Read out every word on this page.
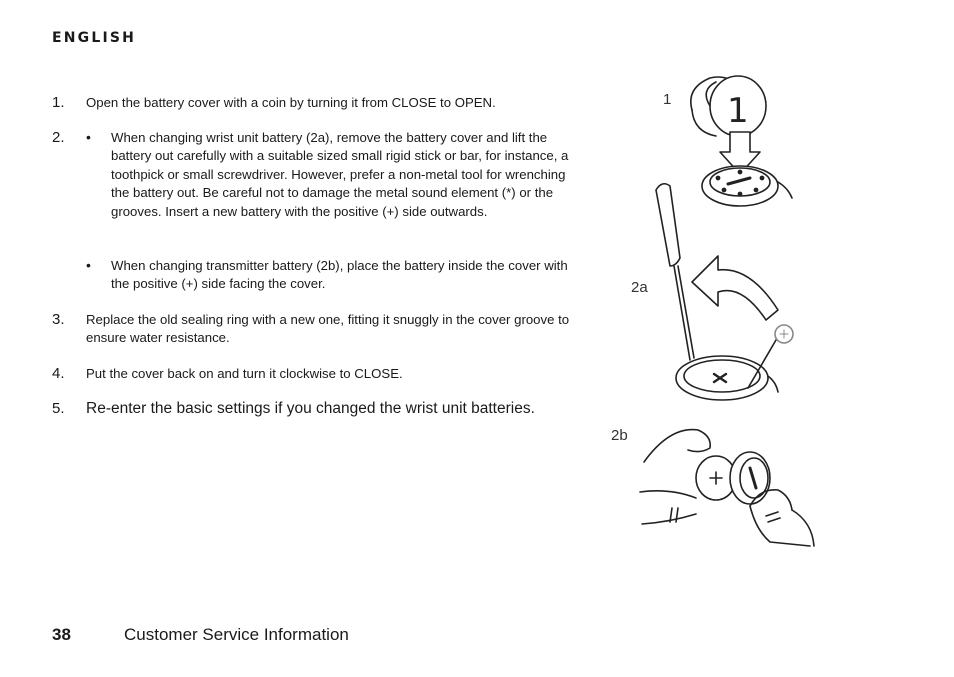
ENGLISH
1. Open the battery cover with a coin by turning it from CLOSE to OPEN.
2. • When changing wrist unit battery (2a), remove the battery cover and lift the battery out carefully with a suitable sized small rigid stick or bar, for instance, a toothpick or small screwdriver. However, prefer a non-metal tool for wrenching the battery out. Be careful not to damage the metal sound element (*) or the grooves. Insert a new battery with the positive (+) side outwards.
• When changing transmitter battery (2b), place the battery inside the cover with the positive (+) side facing the cover.
3. Replace the old sealing ring with a new one, fitting it snuggly in the cover groove to ensure water resistance.
4. Put the cover back on and turn it clockwise to CLOSE.
5. Re-enter the basic settings if you changed the wrist unit batteries.
1
2a
2b
1
38	Customer Service Information
